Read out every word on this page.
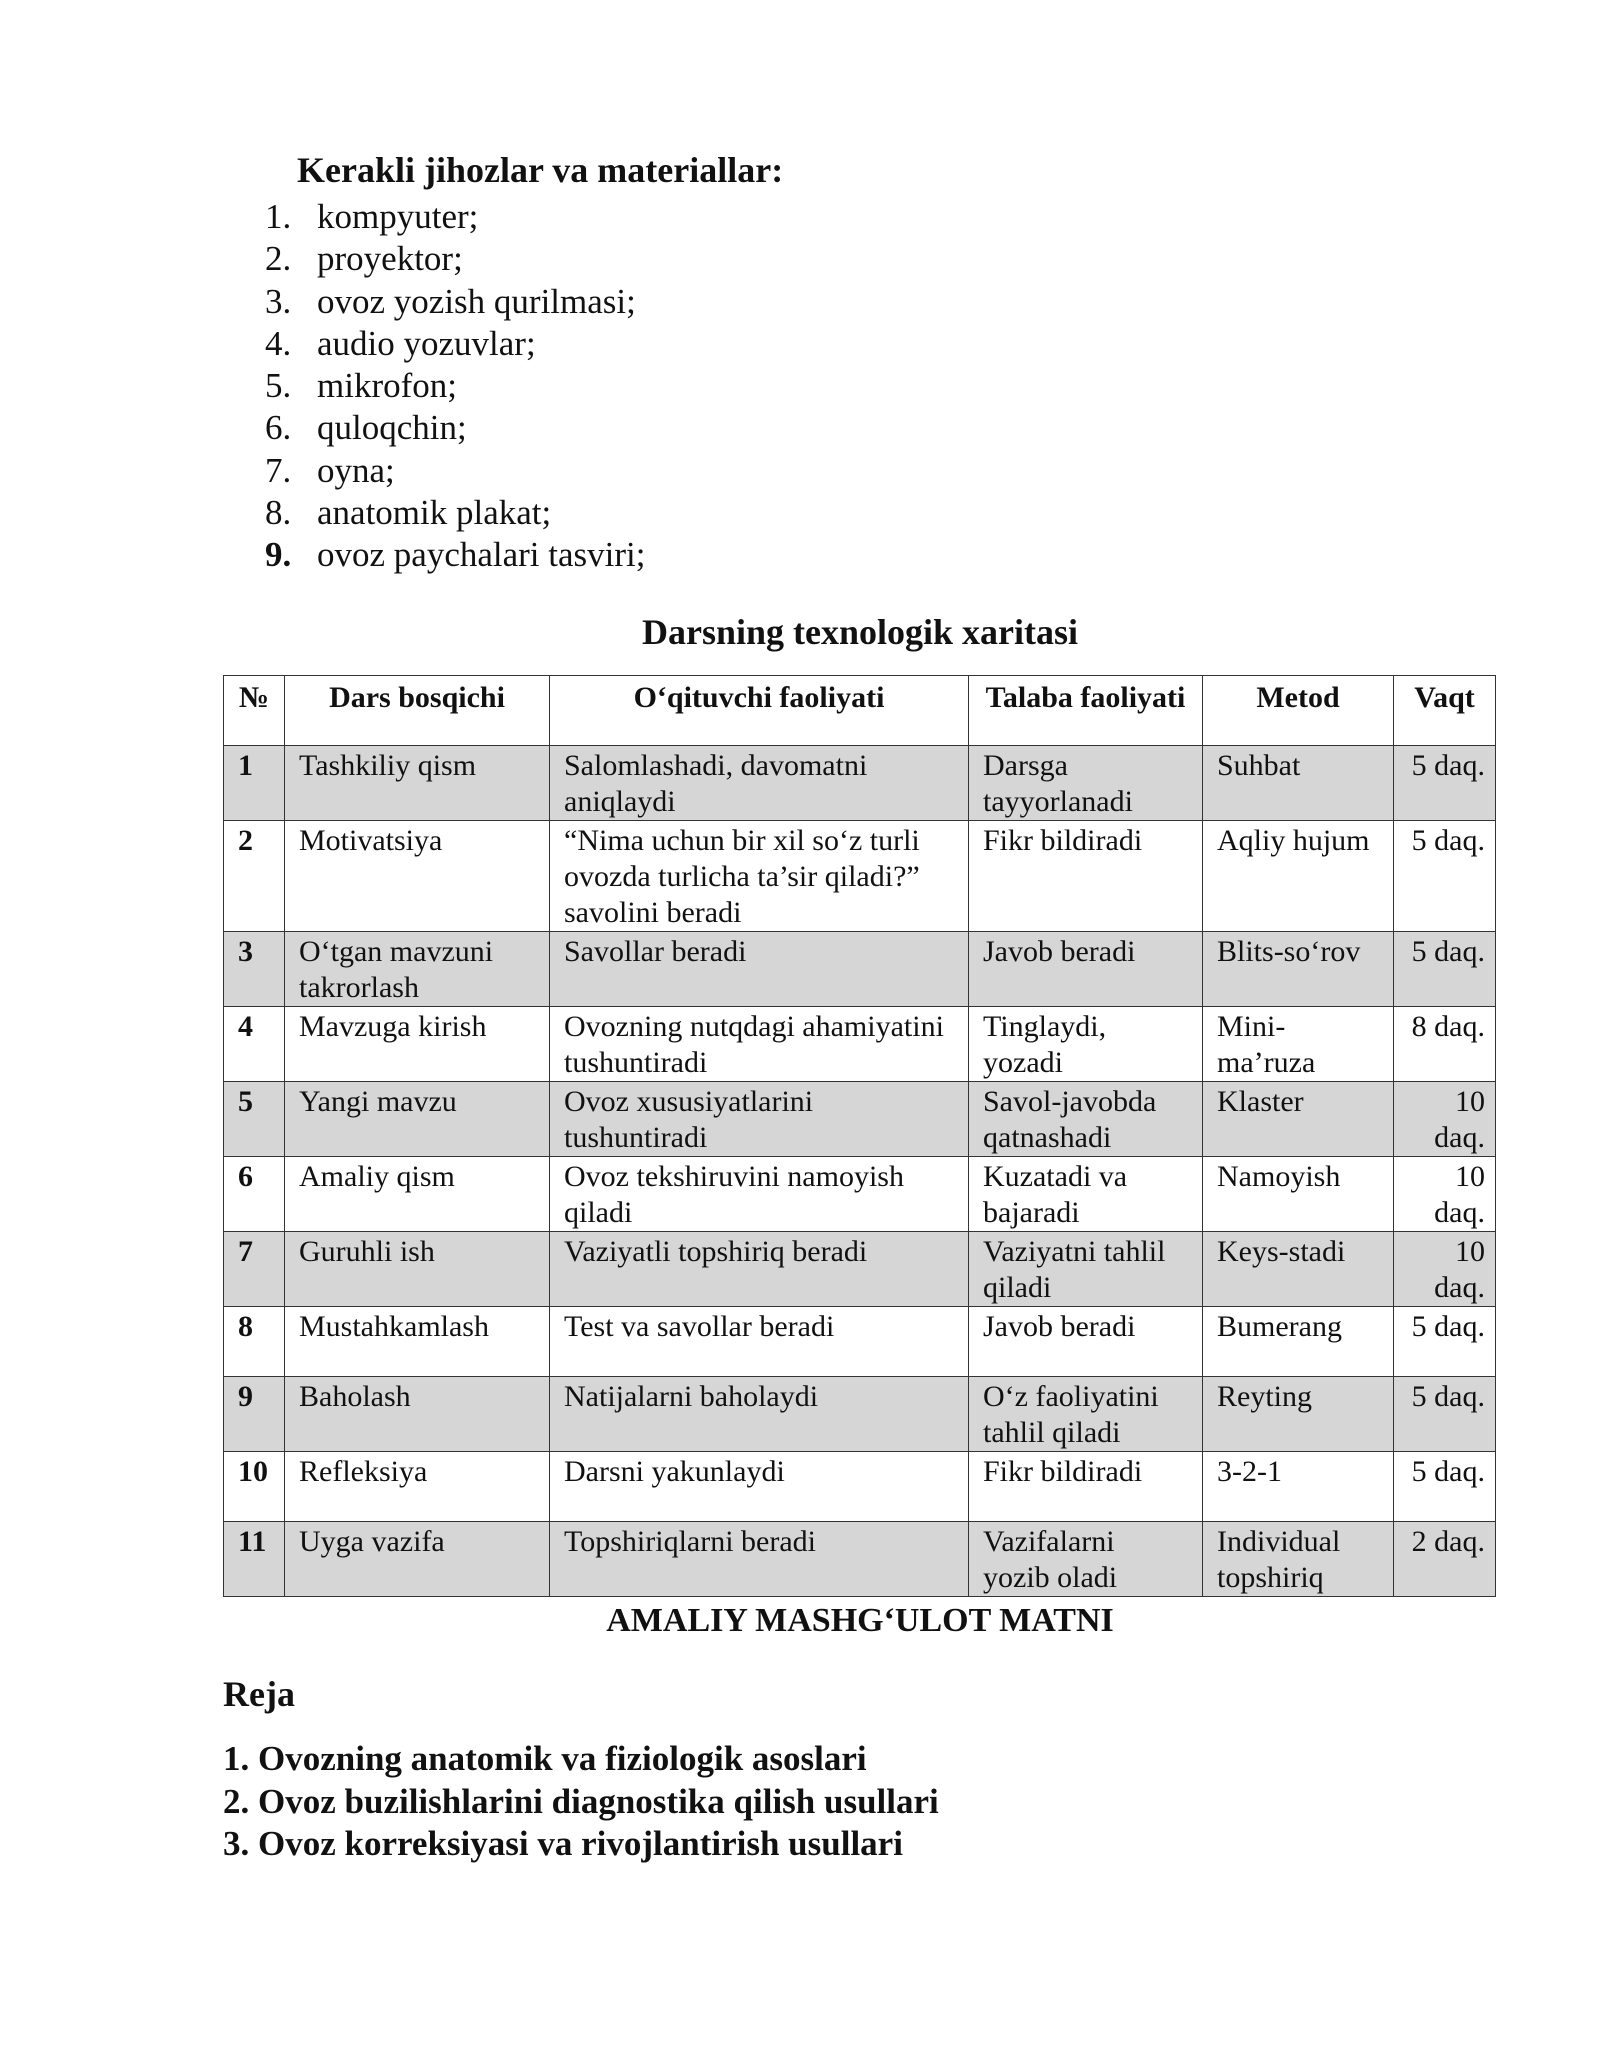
Kerakli jihozlar va materiallar:
1. kompyuter;
2. proyektor;
3. ovoz yozish qurilmasi;
4. audio yozuvlar;
5. mikrofon;
6. quloqchin;
7. oyna;
8. anatomik plakat;
9. ovoz paychalari tasviri;
Darsning texnologik xaritasi
№	Dars bosqichi	O‘qituvchi faoliyati	Talaba faoliyati	Metod	Vaqt
1	Tashkiliy qism	Salomlashadi, davomatni aniqlaydi	Darsga tayyorlanadi	Suhbat	5 daq.
2	Motivatsiya	“Nima uchun bir xil so‘z turli ovozda turlicha ta’sir qiladi?” savolini beradi	Fikr bildiradi	Aqliy hujum	5 daq.
3	O‘tgan mavzuni takrorlash	Savollar beradi	Javob beradi	Blits-so‘rov	5 daq.
4	Mavzuga kirish	Ovozning nutqdagi ahamiyatini tushuntiradi	Tinglaydi, yozadi	Mini-ma’ruza	8 daq.
5	Yangi mavzu	Ovoz xususiyatlarini tushuntiradi	Savol-javobda qatnashadi	Klaster	10 daq.
6	Amaliy qism	Ovoz tekshiruvini namoyish qiladi	Kuzatadi va bajaradi	Namoyish	10 daq.
7	Guruhli ish	Vaziyatli topshiriq beradi	Vaziyatni tahlil qiladi	Keys-stadi	10 daq.
8	Mustahkamlash	Test va savollar beradi	Javob beradi	Bumerang	5 daq.
9	Baholash	Natijalarni baholaydi	O‘z faoliyatini tahlil qiladi	Reyting	5 daq.
10	Refleksiya	Darsni yakunlaydi	Fikr bildiradi	3-2-1	5 daq.
11	Uyga vazifa	Topshiriqlarni beradi	Vazifalarni yozib oladi	Individual topshiriq	2 daq.
AMALIY MASHG‘ULOT MATNI
Reja
1. Ovozning anatomik va fiziologik asoslari
2. Ovoz buzilishlarini diagnostika qilish usullari
3. Ovoz korreksiyasi va rivojlantirish usullari
